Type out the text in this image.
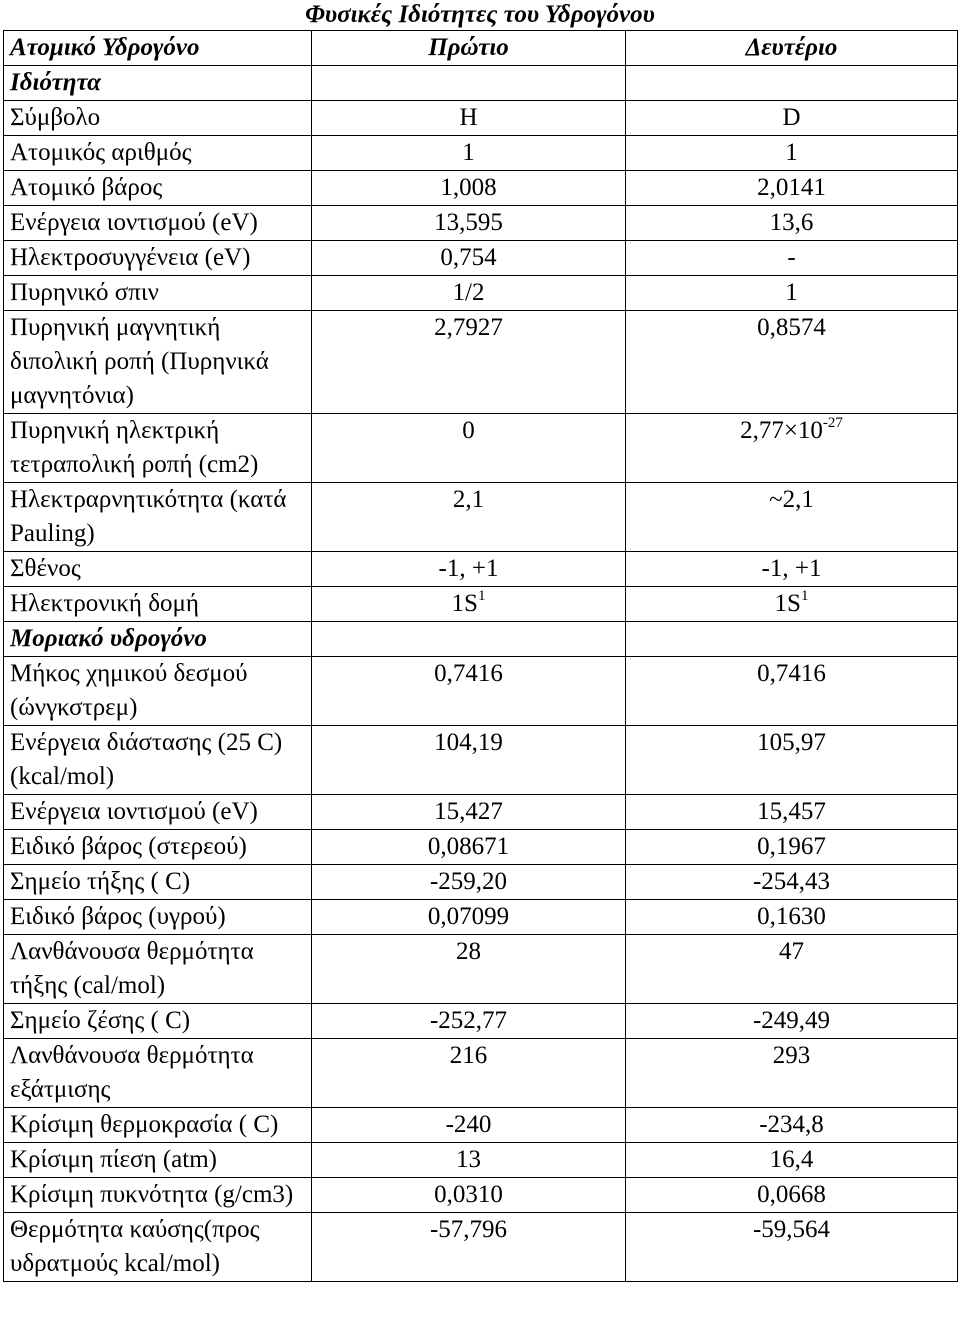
Φυσικές Ιδιότητες του Υδρογόνου
Ατομικό Υδρογόνο	Πρώτιο	Δευτέριο
Ιδιότητα		
Σύμβολο	H	D
Ατομικός αριθμός	1	1
Ατομικό βάρος	1,008	2,0141
Ενέργεια ιοντισμού (eV)	13,595	13,6
Ηλεκτροσυγγένεια (eV)	0,754	-
Πυρηνικό σπιν	1/2	1
Πυρηνική μαγνητική διπολική ροπή (Πυρηνικά μαγνητόνια)	2,7927	0,8574
Πυρηνική ηλεκτρική τετραπολική ροπή (cm2)	0	$2,77\times 10^{-27}$
Ηλεκτραρνητικότητα (κατά Pauling)	2,1	~2,1
Σθένος	-1, +1	-1, +1
Ηλεκτρονική δομή	$1S^1$	$1S^1$
Μοριακό υδρογόνο		
Μήκος χημικού δεσμού (ώνγκστρεμ)	0,7416	0,7416
Ενέργεια διάστασης (25 C) (kcal/mol)	104,19	105,97
Ενέργεια ιοντισμού (eV)	15,427	15,457
Ειδικό βάρος (στερεού)	0,08671	0,1967
Σημείο τήξης ( C)	-259,20	-254,43
Ειδικό βάρος (υγρού)	0,07099	0,1630
Λανθάνουσα θερμότητα τήξης (cal/mol)	28	47
Σημείο ζέσης ( C)	-252,77	-249,49
Λανθάνουσα θερμότητα εξάτμισης	216	293
Κρίσιμη θερμοκρασία ( C)	-240	-234,8
Κρίσιμη πίεση (atm)	13	16,4
Κρίσιμη πυκνότητα (g/cm3)	0,0310	0,0668
Θερμότητα καύσης(προς υδρατμούς kcal/mol)	-57,796	-59,564
